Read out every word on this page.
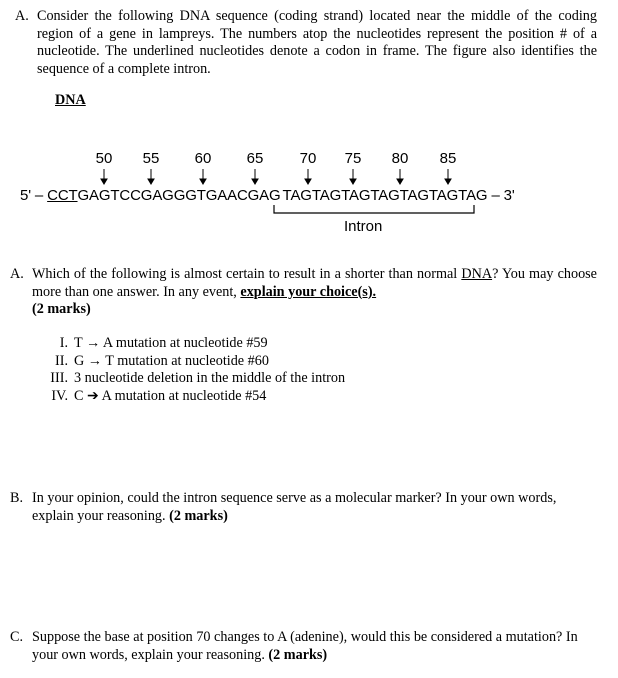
A. Consider the following DNA sequence (coding strand) located near the middle of the coding region of a gene in lampreys. The numbers atop the nucleotides represent the position # of a nucleotide. The underlined nucleotides denote a codon in frame. The figure also identifies the sequence of a complete intron.
DNA
50	55	60	65	70	75	80	85
5' – CCTGAGTCCGAGGGTGAACGAG TAGTAGTAGTAGTAGTAGTAG – 3'
Intron
A. Which of the following is almost certain to result in a shorter than normal DNA? You may choose more than one answer. In any event, explain your choice(s).
(2 marks)
I. T → A mutation at nucleotide #59
II. G → T mutation at nucleotide #60
III. 3 nucleotide deletion in the middle of the intron
IV. C ➔ A mutation at nucleotide #54
B. In your opinion, could the intron sequence serve as a molecular marker? In your own words, explain your reasoning. (2 marks)
C. Suppose the base at position 70 changes to A (adenine), would this be considered a mutation? In your own words, explain your reasoning. (2 marks)
